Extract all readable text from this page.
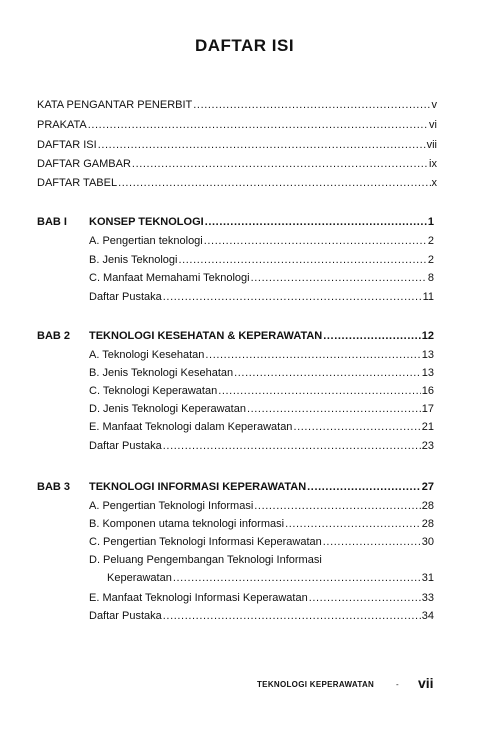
DAFTAR ISI
KATA PENGANTAR PENERBIT .....	v
PRAKATA .....	vi
DAFTAR ISI .....	vii
DAFTAR GAMBAR .....	ix
DAFTAR TABEL .....	x
BAB I KONSEP TEKNOLOGI .....	1
A. Pengertian teknologi .....	2
B. Jenis Teknologi .....	2
C. Manfaat Memahami Teknologi .....	8
Daftar Pustaka .....	11
BAB 2 TEKNOLOGI KESEHATAN & KEPERAWATAN .....	12
A. Teknologi Kesehatan .....	13
B. Jenis Teknologi Kesehatan .....	13
C. Teknologi Keperawatan .....	16
D. Jenis Teknologi Keperawatan .....	17
E. Manfaat Teknologi dalam Keperawatan .....	21
Daftar Pustaka .....	23
BAB 3 TEKNOLOGI INFORMASI KEPERAWATAN .....	27
A. Pengertian Teknologi Informasi .....	28
B. Komponen utama teknologi informasi .....	28
C. Pengertian Teknologi Informasi Keperawatan .....	30
D. Peluang Pengembangan Teknologi Informasi
Keperawatan .....	31
E. Manfaat Teknologi Informasi Keperawatan .....	33
Daftar Pustaka .....	34
TEKNOLOGI KEPERAWATAN	- vii
